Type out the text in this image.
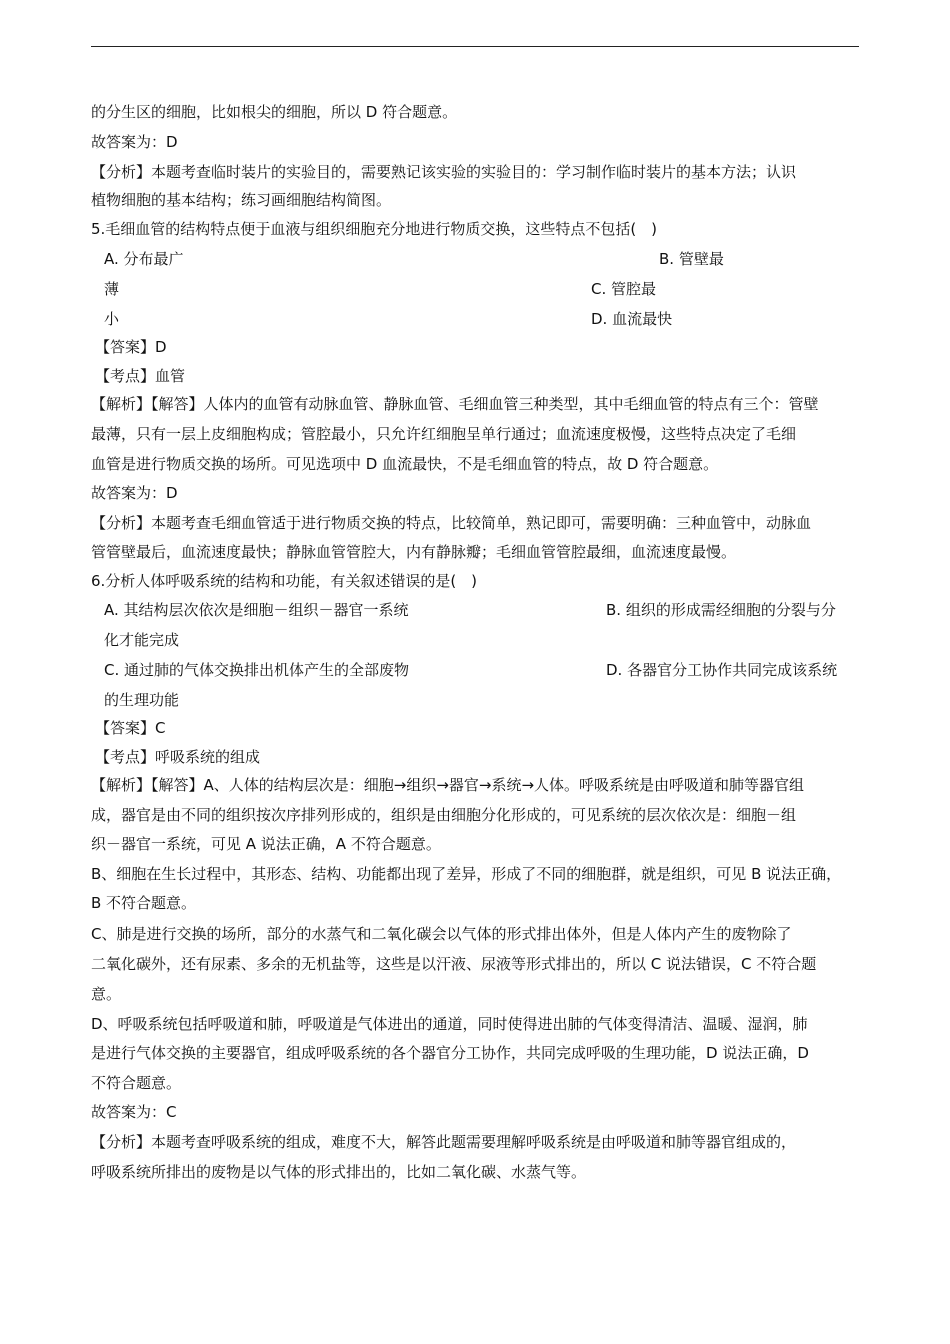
的分生区的细胞，比如根尖的细胞，所以 D 符合题意。
故答案为：D
【分析】本题考查临时装片的实验目的，需要熟记该实验的实验目的：学习制作临时装片的基本方法；认识
植物细胞的基本结构；练习画细胞结构简图。
5.毛细血管的结构特点便于血液与组织细胞充分地进行物质交换，这些特点不包括(　)
A. 分布最广	B. 管壁最
薄	C. 管腔最
小	D. 血流最快
【答案】D
【考点】血管
【解析】【解答】人体内的血管有动脉血管、静脉血管、毛细血管三种类型，其中毛细血管的特点有三个：管壁
最薄，只有一层上皮细胞构成；管腔最小，只允许红细胞呈单行通过；血流速度极慢，这些特点决定了毛细
血管是进行物质交换的场所。可见选项中 D 血流最快，不是毛细血管的特点，故 D 符合题意。
故答案为：D
【分析】本题考查毛细血管适于进行物质交换的特点，比较简单，熟记即可，需要明确：三种血管中，动脉血
管管壁最后，血流速度最快；静脉血管管腔大，内有静脉瓣；毛细血管管腔最细，血流速度最慢。
6.分析人体呼吸系统的结构和功能，有关叙述错误的是(　)
A. 其结构层次依次是细胞－组织－器官一系统	B. 组织的形成需经细胞的分裂与分
化才能完成
C. 通过肺的气体交换排出机体产生的全部废物	D. 各器官分工协作共同完成该系统
的生理功能
【答案】C
【考点】呼吸系统的组成
【解析】【解答】A、人体的结构层次是：细胞→组织→器官→系统→人体。呼吸系统是由呼吸道和肺等器官组
成，器官是由不同的组织按次序排列形成的，组织是由细胞分化形成的，可见系统的层次依次是：细胞－组
织－器官一系统，可见 A 说法正确，A 不符合题意。
B、细胞在生长过程中，其形态、结构、功能都出现了差异，形成了不同的细胞群，就是组织，可见 B 说法正确，
B 不符合题意。
C、肺是进行交换的场所，部分的水蒸气和二氧化碳会以气体的形式排出体外，但是人体内产生的废物除了
二氧化碳外，还有尿素、多余的无机盐等，这些是以汗液、尿液等形式排出的，所以 C 说法错误，C 不符合题
意。
D、呼吸系统包括呼吸道和肺，呼吸道是气体进出的通道，同时使得进出肺的气体变得清洁、温暖、湿润，肺
是进行气体交换的主要器官，组成呼吸系统的各个器官分工协作，共同完成呼吸的生理功能，D 说法正确，D
不符合题意。
故答案为：C
【分析】本题考查呼吸系统的组成，难度不大，解答此题需要理解呼吸系统是由呼吸道和肺等器官组成的，
呼吸系统所排出的废物是以气体的形式排出的，比如二氧化碳、水蒸气等。
